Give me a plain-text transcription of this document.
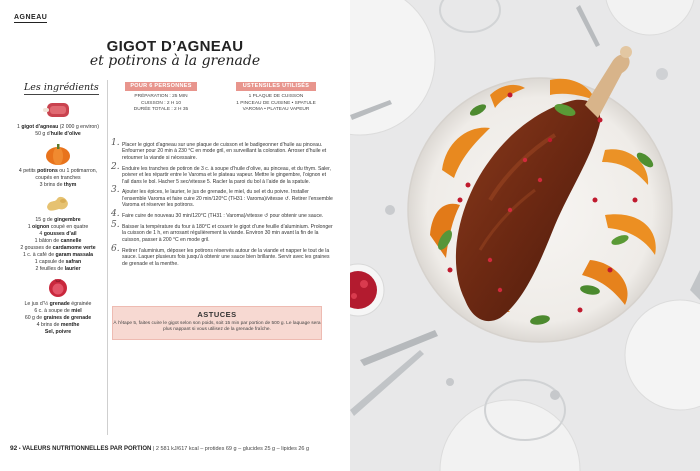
AGNEAU
GIGOT D’AGNEAU
et potirons à la grenade
Les ingrédients
1 gigot d’agneau (2 000 g environ)
50 g d’huile d’olive
4 petits potirons ou 1 potimarron, coupés en tranches
3 brins de thym
15 g de gingembre
1 oignon coupé en quatre
4 gousses d’ail
1 bâton de cannelle
2 gousses de cardamome verte
1 c. à café de garam massala
1 capsule de safran
2 feuilles de laurier
Le jus d’½ grenade égrainée
6 c. à soupe de miel
60 g de graines de grenade
4 brins de menthe
Sel, poivre
POUR 6 PERSONNES
PRÉPARATION : 25 MIN
CUISSON : 2 H 10
DURÉE TOTALE : 2 H 35
USTENSILES UTILISÉS
1 PLAQUE DE CUISSON
1 PINCEAU DE CUISINE • SPATULE
VAROMA • PLATEAU VAPEUR
1. Placer le gigot d’agneau sur une plaque de cuisson et le badigeonner d’huile au pinceau. Enfourner pour 20 min à 230 °C en mode gril, en surveillant la coloration. Arroser d’huile et retourner la viande si nécessaire.
2. Enduire les tranches de potiron de 3 c. à soupe d’huile d’olive, au pinceau, et du thym. Saler, poivrer et les répartir entre le Varoma et le plateau vapeur. Mettre le gingembre, l’oignon et l’ail dans le bol. Hacher 5 sec/vitesse 5. Racler la paroi du bol à l’aide de la spatule.
3. Ajouter les épices, le laurier, le jus de grenade, le miel, du sel et du poivre. Installer l’ensemble Varoma et faire cuire 20 min/120°C (TH31 : Varoma)/vitesse ↺. Retirer l’ensemble Varoma et réserver les potirons.
4. Faire cuire de nouveau 30 min/120°C (TH31 : Varoma)/vitesse ↺ pour obtenir une sauce.
5. Baisser la température du four à 180°C et couvrir le gigot d’une feuille d’aluminium. Prolonger la cuisson de 1 h, en arrosant régulièrement la viande. Environ 30 min avant la fin de la cuisson, passer à 200 °C en mode gril.
6. Retirer l’aluminium, déposer les potirons réservés autour de la viande et napper le tout de la sauce. Laquer plusieurs fois jusqu’à obtenir une sauce bien brillante. Servir avec les graines de grenade et la menthe.
ASTUCES
À l’étape 5, faites cuire le gigot selon son poids, soit 15 min par portion de 500 g. Le laquage sera plus nappant si vous utilisez de la grenade fraîche.
92 • VALEURS NUTRITIONNELLES PAR PORTION | 2 581 kJ/617 kcal – protides 69 g – glucides 25 g – lipides 26 g
